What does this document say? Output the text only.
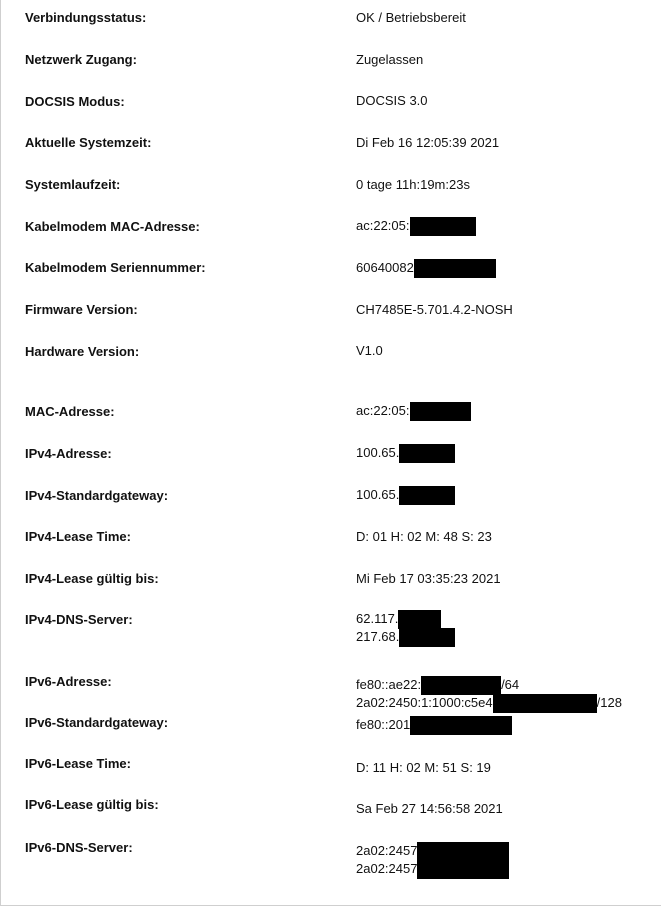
Verbindungsstatus:	OK / Betriebsbereit
Netzwerk Zugang:	Zugelassen
DOCSIS Modus:	DOCSIS 3.0
Aktuelle Systemzeit:	Di Feb 16 12:05:39 2021
Systemlaufzeit:	0 tage 11h:19m:23s
Kabelmodem MAC-Adresse:	ac:22:05:
Kabelmodem Seriennummer:	60640082
Firmware Version:	CH7485E-5.701.4.2-NOSH
Hardware Version:	V1.0
MAC-Adresse:	ac:22:05:
IPv4-Adresse:	100.65.
IPv4-Standardgateway:	100.65.
IPv4-Lease Time:	D: 01 H: 02 M: 48 S: 23
IPv4-Lease gültig bis:	Mi Feb 17 03:35:23 2021
IPv4-DNS-Server:	62.117.
217.68.
IPv6-Adresse:	fe80::ae22:	/64
2a02:2450:1:1000:c5e4	/128
IPv6-Standardgateway:	fe80::201
IPv6-Lease Time:	D: 11 H: 02 M: 51 S: 19
IPv6-Lease gültig bis:	Sa Feb 27 14:56:58 2021
IPv6-DNS-Server:	2a02:2457
2a02:2457
